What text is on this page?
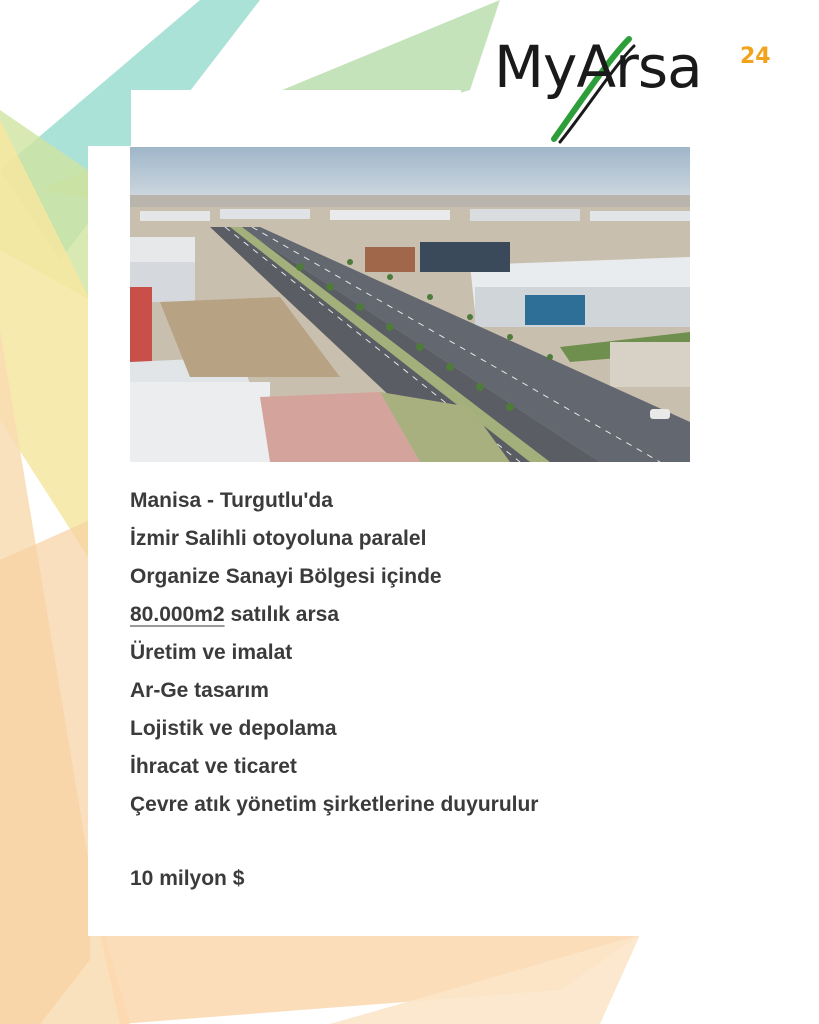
MyArsa 24
Manisa - Turgutlu'da
İzmir Salihli otoyoluna paralel
Organize Sanayi Bölgesi içinde
80.000m2 satılık arsa
Üretim ve imalat
Ar-Ge tasarım
Lojistik ve depolama
İhracat ve ticaret
Çevre atık yönetim şirketlerine duyurulur
10 milyon $
